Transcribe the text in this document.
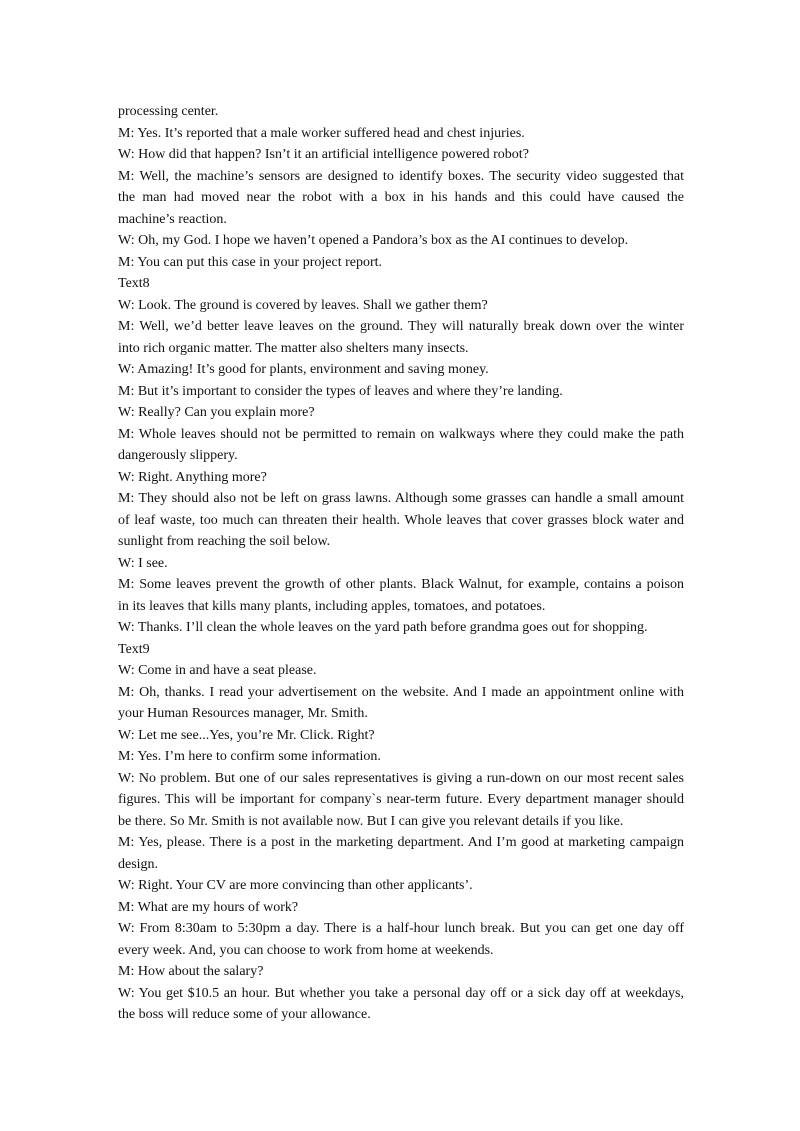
processing center.
M: Yes. It’s reported that a male worker suffered head and chest injuries.
W: How did that happen? Isn’t it an artificial intelligence powered robot?
M: Well, the machine’s sensors are designed to identify boxes. The security video suggested that
the man had moved near the robot with a box in his hands and this could have caused the
machine’s reaction.
W: Oh, my God. I hope we haven’t opened a Pandora’s box as the AI continues to develop.
M: You can put this case in your project report.
Text8
W: Look. The ground is covered by leaves. Shall we gather them?
M: Well, we’d better leave leaves on the ground. They will naturally break down over the winter
into rich organic matter. The matter also shelters many insects.
W: Amazing! It’s good for plants, environment and saving money.
M: But it’s important to consider the types of leaves and where they’re landing.
W: Really? Can you explain more?
M: Whole leaves should not be permitted to remain on walkways where they could make the path
dangerously slippery.
W: Right. Anything more?
M: They should also not be left on grass lawns. Although some grasses can handle a small amount
of leaf waste, too much can threaten their health. Whole leaves that cover grasses block water and
sunlight from reaching the soil below.
W: I see.
M: Some leaves prevent the growth of other plants. Black Walnut, for example, contains a poison
in its leaves that kills many plants, including apples, tomatoes, and potatoes.
W: Thanks. I’ll clean the whole leaves on the yard path before grandma goes out for shopping.
Text9
W: Come in and have a seat please.
M: Oh, thanks. I read your advertisement on the website. And I made an appointment online with
your Human Resources manager, Mr. Smith.
W: Let me see...Yes, you’re Mr. Click. Right?
M: Yes. I’m here to confirm some information.
W: No problem. But one of our sales representatives is giving a run-down on our most recent sales
figures. This will be important for company`s near-term future. Every department manager should
be there. So Mr. Smith is not available now. But I can give you relevant details if you like.
M: Yes, please. There is a post in the marketing department. And I’m good at marketing campaign
design.
W: Right. Your CV are more convincing than other applicants’.
M: What are my hours of work?
W: From 8:30am to 5:30pm a day. There is a half-hour lunch break. But you can get one day off
every week. And, you can choose to work from home at weekends.
M: How about the salary?
W: You get $10.5 an hour. But whether you take a personal day off or a sick day off at weekdays,
the boss will reduce some of your allowance.
